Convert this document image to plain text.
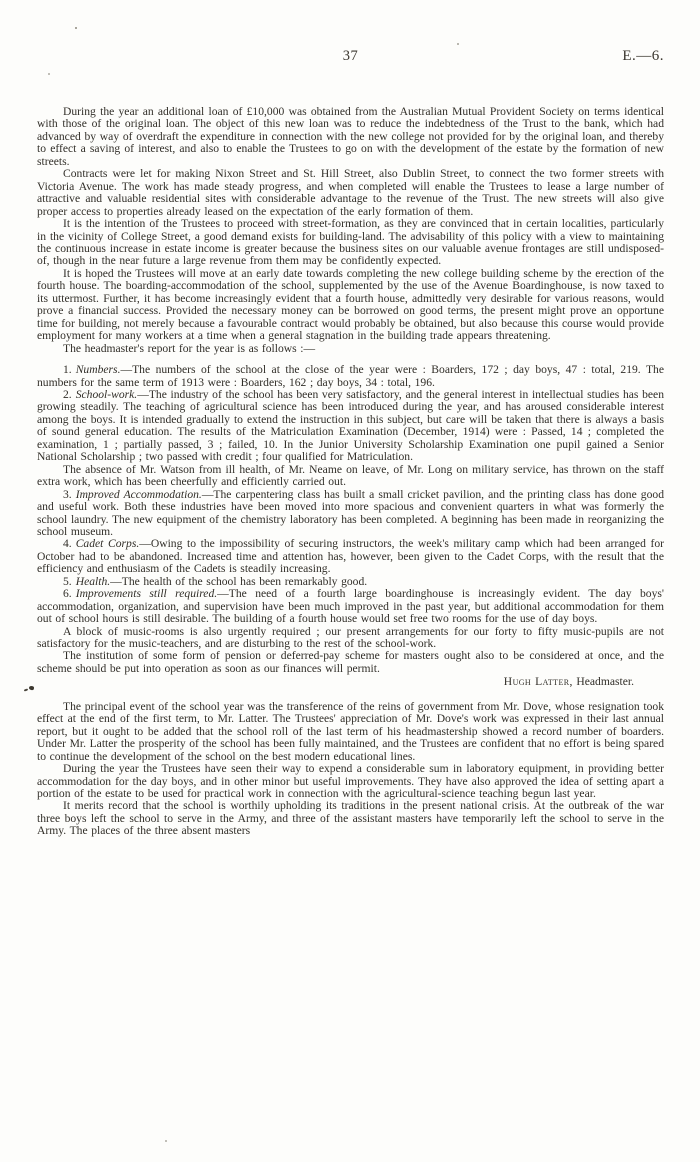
37	E.—6.

During the year an additional loan of £10,000 was obtained from the Australian Mutual Provident Society on terms identical with those of the original loan. The object of this new loan was to reduce the indebtedness of the Trust to the bank, which had advanced by way of overdraft the expenditure in connection with the new college not provided for by the original loan, and thereby to effect a saving of interest, and also to enable the Trustees to go on with the development of the estate by the formation of new streets.

Contracts were let for making Nixon Street and St. Hill Street, also Dublin Street, to connect the two former streets with Victoria Avenue. The work has made steady progress, and when completed will enable the Trustees to lease a large number of attractive and valuable residential sites with considerable advantage to the revenue of the Trust. The new streets will also give proper access to properties already leased on the expectation of the early formation of them.

It is the intention of the Trustees to proceed with street-formation, as they are convinced that in certain localities, particularly in the vicinity of College Street, a good demand exists for building-land. The advisability of this policy with a view to maintaining the continuous increase in estate income is greater because the business sites on our valuable avenue frontages are still undisposed-of, though in the near future a large revenue from them may be confidently expected.

It is hoped the Trustees will move at an early date towards completing the new college building scheme by the erection of the fourth house. The boarding-accommodation of the school, supplemented by the use of the Avenue Boardinghouse, is now taxed to its uttermost. Further, it has become increasingly evident that a fourth house, admittedly very desirable for various reasons, would prove a financial success. Provided the necessary money can be borrowed on good terms, the present might prove an opportune time for building, not merely because a favourable contract would probably be obtained, but also because this course would provide employment for many workers at a time when a general stagnation in the building trade appears threatening.

The headmaster's report for the year is as follows :—

1. Numbers.—The numbers of the school at the close of the year were : Boarders, 172 ; day boys, 47 : total, 219. The numbers for the same term of 1913 were : Boarders, 162 ; day boys, 34 : total, 196.

2. School-work.—The industry of the school has been very satisfactory, and the general interest in intellectual studies has been growing steadily. The teaching of agricultural science has been introduced during the year, and has aroused considerable interest among the boys. It is intended gradually to extend the instruction in this subject, but care will be taken that there is always a basis of sound general education. The results of the Matriculation Examination (December, 1914) were : Passed, 14 ; completed the examination, 1 ; partially passed, 3 ; failed, 10. In the Junior University Scholarship Examination one pupil gained a Senior National Scholarship ; two passed with credit ; four qualified for Matriculation.

The absence of Mr. Watson from ill health, of Mr. Neame on leave, of Mr. Long on military service, has thrown on the staff extra work, which has been cheerfully and efficiently carried out.

3. Improved Accommodation.—The carpentering class has built a small cricket pavilion, and the printing class has done good and useful work. Both these industries have been moved into more spacious and convenient quarters in what was formerly the school laundry. The new equipment of the chemistry laboratory has been completed. A beginning has been made in reorganizing the school museum.

4. Cadet Corps.—Owing to the impossibility of securing instructors, the week's military camp which had been arranged for October had to be abandoned. Increased time and attention has, however, been given to the Cadet Corps, with the result that the efficiency and enthusiasm of the Cadets is steadily increasing.

5. Health.—The health of the school has been remarkably good.

6. Improvements still required.—The need of a fourth large boardinghouse is increasingly evident. The day boys' accommodation, organization, and supervision have been much improved in the past year, but additional accommodation for them out of school hours is still desirable. The building of a fourth house would set free two rooms for the use of day boys.

A block of music-rooms is also urgently required ; our present arrangements for our forty to fifty music-pupils are not satisfactory for the music-teachers, and are disturbing to the rest of the school-work.

The institution of some form of pension or deferred-pay scheme for masters ought also to be considered at once, and the scheme should be put into operation as soon as our finances will permit.

Hugh Latter, Headmaster.

The principal event of the school year was the transference of the reins of government from Mr. Dove, whose resignation took effect at the end of the first term, to Mr. Latter. The Trustees' appreciation of Mr. Dove's work was expressed in their last annual report, but it ought to be added that the school roll of the last term of his headmastership showed a record number of boarders. Under Mr. Latter the prosperity of the school has been fully maintained, and the Trustees are confident that no effort is being spared to continue the development of the school on the best modern educational lines.

During the year the Trustees have seen their way to expend a considerable sum in laboratory equipment, in providing better accommodation for the day boys, and in other minor but useful improvements. They have also approved the idea of setting apart a portion of the estate to be used for practical work in connection with the agricultural-science teaching begun last year.

It merits record that the school is worthily upholding its traditions in the present national crisis. At the outbreak of the war three boys left the school to serve in the Army, and three of the assistant masters have temporarily left the school to serve in the Army. The places of the three absent masters
